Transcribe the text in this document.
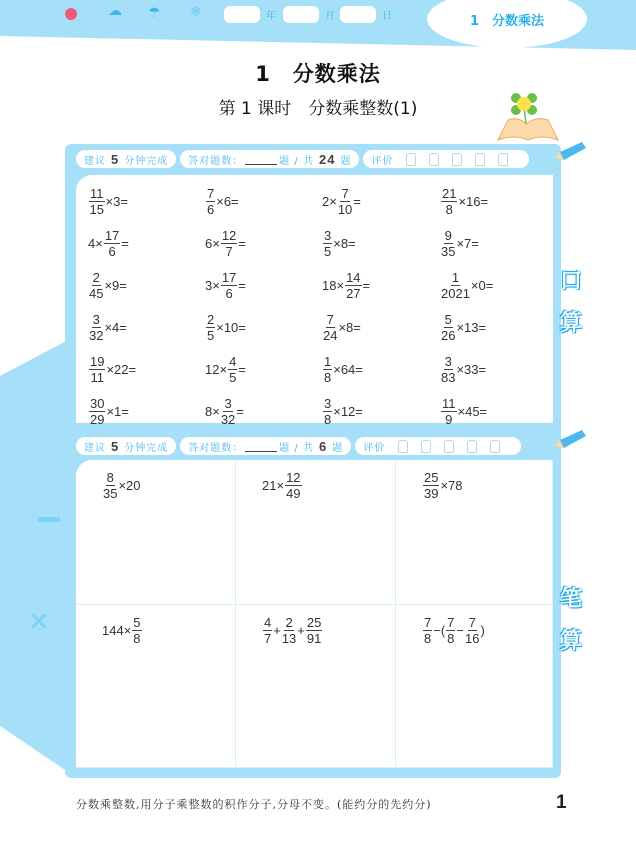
☁ ☂ ❄	年	月	日	1　分数乘法
1　分数乘法
第 1 课时　分数乘整数(1)
×
建议 5 分钟完成 答对题数：	题 / 共 24 题 评价
$\frac{11}{15} \times 3=$	$\frac{7}{6} \times 6=$	$2\times \frac{7}{10}$ =	$\frac{21}{8} \times 16=$
$4\times \frac{17}{6}$ =	$6\times \frac{12}{7}$ =	$\frac{3}{5} \times 8=$	$\frac{9}{35} \times 7=$
$\frac{2}{45} \times 9=$	$3\times \frac{17}{6}$ =	$18\times \frac{14}{27}$ =	$\frac{1}{2021} \times 0=$
$\frac{3}{32} \times 4=$	$\frac{2}{5} \times 10=$	$\frac{7}{24} \times 8=$	$\frac{5}{26} \times 13=$
$\frac{19}{11} \times 22=$	$12\times \frac{4}{5}$ =	$\frac{1}{8} \times 64=$	$\frac{3}{83} \times 33=$
$\frac{30}{29} \times 1=$	$8\times \frac{3}{32}$ =	$\frac{3}{8} \times 12=$	$\frac{11}{9} \times 45=$
口
算
建议 5 分钟完成 答对题数：	题 / 共 6 题 评价
$\frac{8}{35} \times 20$	$21\times \frac{12}{49}$	$\frac{25}{39} \times 78$
$144\times \frac{5}{8}$	$\frac{4}{7} + \frac{2}{13} + \frac{25}{91}$	$\frac{7}{8}$ −( $\frac{7}{8} - \frac{7}{16}$ )
笔
算
分数乘整数,用分子乘整数的积作分子,分母不变。(能约分的先约分)	1
